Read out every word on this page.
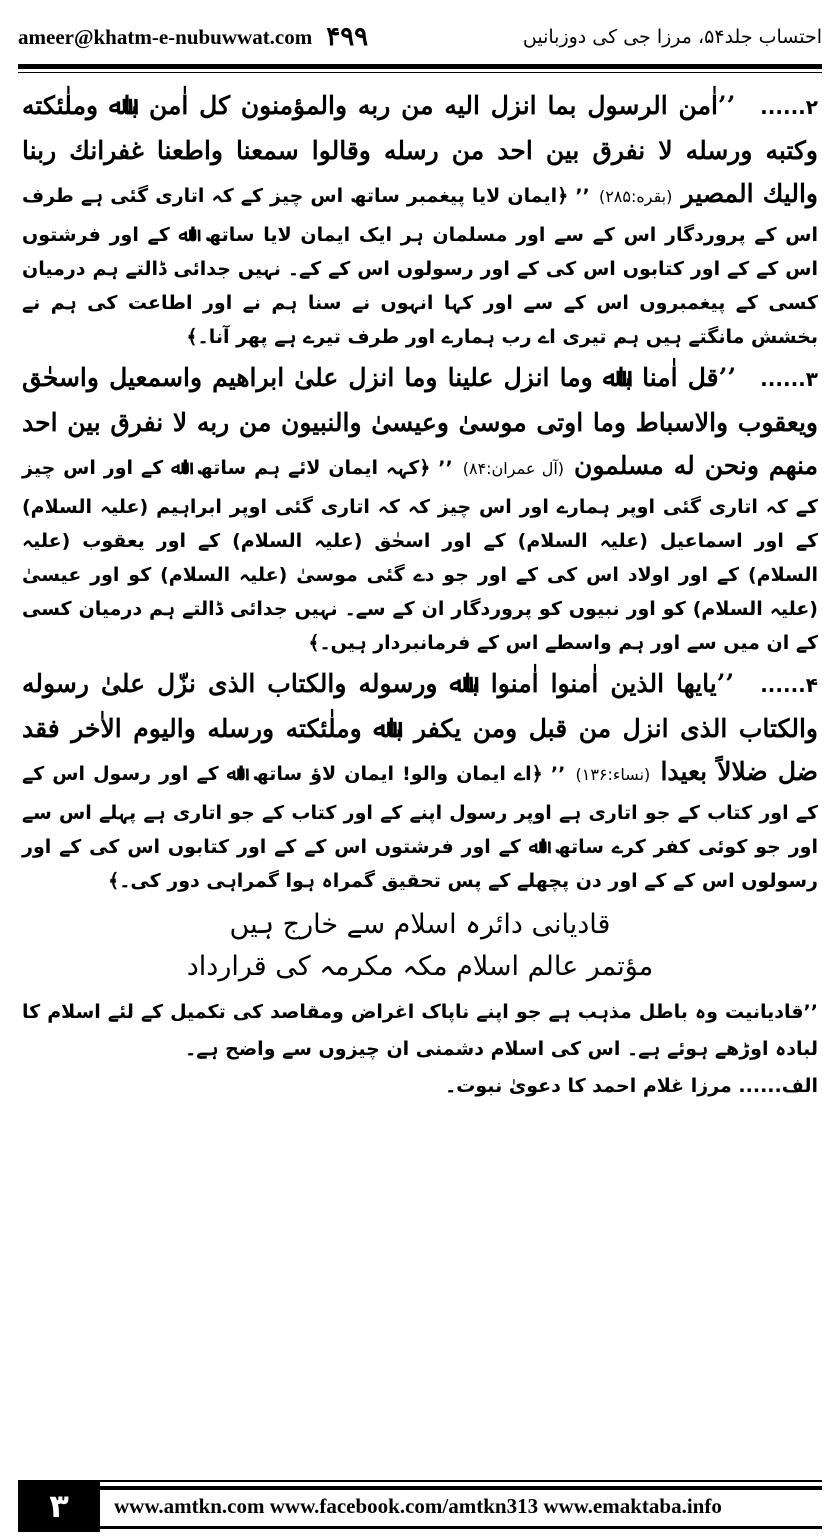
ameer@khatm-e-nubuwwat.com ۴۹۹	احتساب جلد۵۴، مرزا جی کی دوزبانیں
۲...... ’’اٰمن الرسول بما انزل الیه من ربه والمؤمنون کل اٰمن باﷲ وملٰئکته وکتبه ورسله لا نفرق بین احد من رسله وقالوا سمعنا واطعنا غفرانك ربنا والیك المصیر (بقره:۲۸۵) ’’ ﴿ایمان لایا پیغمبر ساتھ اس چیز کے کہ اتاری گئی ہے طرف اس کے پروردگار اس کے سے اور مسلمان ہر ایک ایمان لایا ساتھ اﷲ کے اور فرشتوں اس کے کے اور کتابوں اس کی کے اور رسولوں اس کے کے۔ نہیں جدائی ڈالتے ہم درمیان کسی کے پیغمبروں اس کے سے اور کہا انہوں نے سنا ہم نے اور اطاعت کی ہم نے بخشش مانگتے ہیں ہم تیری اے رب ہمارے اور طرف تیرے ہے پھر آنا۔﴾
۳...... ’’قل اٰمنا باﷲ وما انزل علینا وما انزل علیٰ ابراهیم واسمعیل واسحٰق ویعقوب والاسباط وما اوتی موسیٰ وعیسیٰ والنبیون من ربه لا نفرق بین احد منهم ونحن له مسلمون (آل عمران:۸۴) ’’ ﴿کہہ ایمان لائے ہم ساتھ اﷲ کے اور اس چیز کے کہ اتاری گئی اوپر ہمارے اور اس چیز کہ کہ اتاری گئی اوپر ابراہیم (علیہ السلام) کے اور اسماعیل (علیہ السلام) کے اور اسحٰق (علیہ السلام) کے اور یعقوب (علیہ السلام) کے اور اولاد اس کی کے اور جو دے گئی موسیٰ (علیہ السلام) کو اور عیسیٰ (علیہ السلام) کو اور نبیوں کو پروردگار ان کے سے۔ نہیں جدائی ڈالتے ہم درمیان کسی کے ان میں سے اور ہم واسطے اس کے فرمانبردار ہیں۔﴾
۴...... ’’یایها الذین اٰمنوا اٰمنوا باﷲ ورسوله والکتاب الذی نزّل علیٰ رسوله والکتاب الذی انزل من قبل ومن یکفر باﷲ وملٰئکته ورسله والیوم الاٰخر فقد ضل ضلالاً بعیدا (نساء:۱۳۶) ’’ ﴿اے ایمان والو! ایمان لاؤ ساتھ اﷲ کے اور رسول اس کے کے اور کتاب کے جو اتاری ہے اوپر رسول اپنے کے اور کتاب کے جو اتاری ہے پہلے اس سے اور جو کوئی کفر کرے ساتھ اﷲ کے اور فرشتوں اس کے کے اور کتابوں اس کی کے اور رسولوں اس کے کے اور دن پچھلے کے پس تحقیق گمراہ ہوا گمراہی دور کی۔﴾
قادیانی دائرہ اسلام سے خارج ہیں
مؤتمر عالم اسلام مکہ مکرمہ کی قرارداد
’’قادیانیت وہ باطل مذہب ہے جو اپنے ناپاک اغراض ومقاصد کی تکمیل کے لئے اسلام کا لبادہ اوڑھے ہوئے ہے۔ اس کی اسلام دشمنی ان چیزوں سے واضح ہے۔
الف...... مرزا غلام احمد کا دعویٰ نبوت۔
۳	www.amtkn.com www.facebook.com/amtkn313 www.emaktaba.info
